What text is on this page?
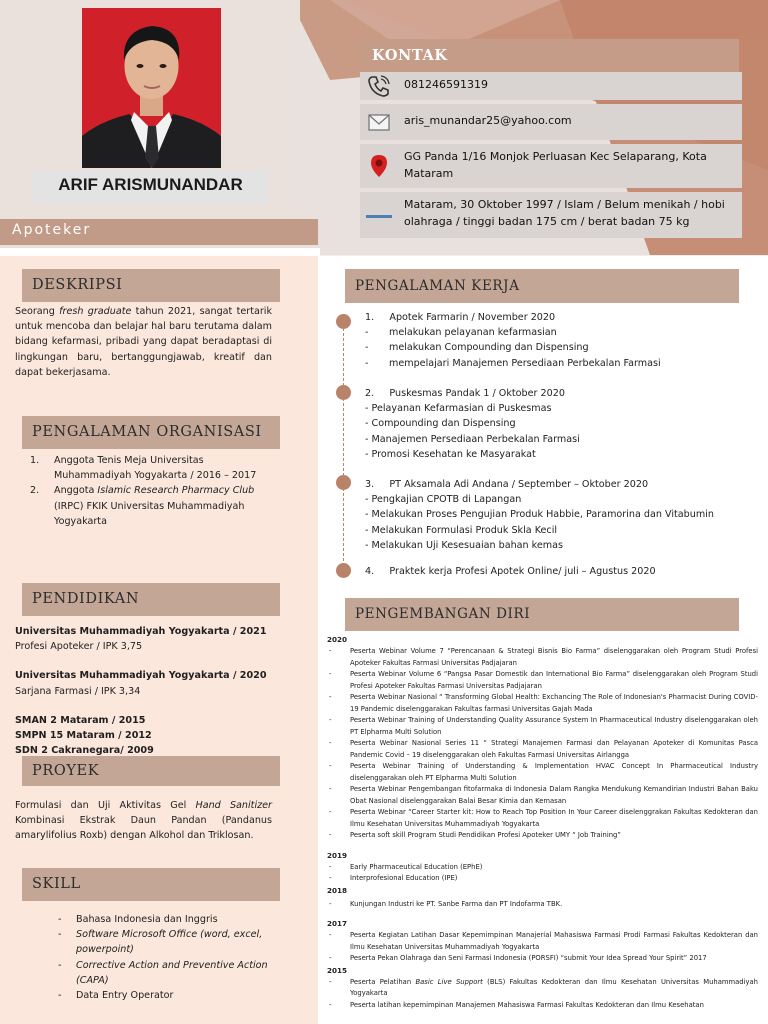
ARIF ARISMUNANDAR
Apoteker
KONTAK
081246591319
aris_munandar25@yahoo.com
GG Panda 1/16 Monjok Perluasan Kec Selaparang, Kota Mataram
Mataram, 30 Oktober 1997 / Islam / Belum menikah / hobi olahraga / tinggi badan 175 cm / berat badan 75 kg
DESKRIPSI
Seorang fresh graduate tahun 2021, sangat tertarik untuk mencoba dan belajar hal baru terutama dalam bidang kefarmasi, pribadi yang dapat beradaptasi di lingkungan baru, bertanggungjawab, kreatif dan dapat bekerjasama.
PENGALAMAN ORGANISASI
1. Anggota Tenis Meja Universitas Muhammadiyah Yogyakarta / 2016 – 2017
2. Anggota Islamic Research Pharmacy Club (IRPC) FKIK Universitas Muhammadiyah Yogyakarta
PENDIDIKAN
Universitas Muhammadiyah Yogyakarta / 2021
Profesi Apoteker / IPK 3,75
Universitas Muhammadiyah Yogyakarta / 2020
Sarjana Farmasi / IPK 3,34
SMAN 2 Mataram / 2015
SMPN 15 Mataram / 2012
SDN 2 Cakranegara/ 2009
PROYEK
Formulasi dan Uji Aktivitas Gel Hand Sanitizer Kombinasi Ekstrak Daun Pandan (Pandanus amarylifolius Roxb) dengan Alkohol dan Triklosan.
SKILL
- Bahasa Indonesia dan Inggris
- Software Microsoft Office (word, excel, powerpoint)
- Corrective Action and Preventive Action (CAPA)
- Data Entry Operator
PENGALAMAN KERJA
1.     Apotek Farmarin / November 2020
- melakukan pelayanan kefarmasian
- melakukan Compounding dan Dispensing
- mempelajari Manajemen Persediaan Perbekalan Farmasi
2.     Puskesmas Pandak 1 / Oktober 2020
- Pelayanan Kefarmasian di Puskesmas
- Compounding dan Dispensing
- Manajemen Persediaan Perbekalan Farmasi
- Promosi Kesehatan ke Masyarakat
3.     PT Aksamala Adi Andana / September – Oktober 2020
- Pengkajian CPOTB di Lapangan
- Melakukan Proses Pengujian Produk Habbie, Paramorina dan Vitabumin
- Melakukan Formulasi Produk Skla Kecil
- Melakukan Uji Kesesuaian bahan kemas
4.     Praktek kerja Profesi Apotek Online/ juli – Agustus 2020
PENGEMBANGAN DIRI
2020
- Peserta Webinar Volume 7 “Perencanaan & Strategi Bisnis Bio Farma” diselenggarakan oleh Program Studi Profesi Apoteker Fakultas Farmasi Universitas Padjajaran
- Peserta Webinar Volume 6 “Pangsa Pasar Domestik dan International Bio Farma” diselenggarakan oleh Program Studi Profesi Apoteker Fakultas Farmasi Universitas Padjajaran
- Peserta Webinar Nasional “ Transforming Global Health: Exchancing The Role of Indonesian's Pharmacist During COVID- 19 Pandemic diselenggarakan Fakultas farmasi Universitas Gajah Mada
- Peserta Webinar Training of Understanding Quality Assurance System In Pharmaceutical Industry diselenggarakan oleh PT Elpharma Multi Solution
- Peserta Webinar Nasional Series 11 “ Strategi Manajemen Farmasi dan Pelayanan Apoteker di Komunitas Pasca Pandemic Covid – 19 diselenggarakan oleh Fakultas Farmasi Universitas Airlangga
- Peserta Webinar Training of Understanding & Implementation HVAC Concept In Pharmaceutical Industry diselenggarakan oleh PT Elpharma Multi Solution
- Peserta Webinar Pengembangan fitofarmaka di Indonesia Dalam Rangka Mendukung Kemandirian Industri Bahan Baku Obat Nasional diselenggarakan Balai Besar Kimia dan Kemasan
- Peserta Webinar “Career Starter kit: How to Reach Top Position In Your Career diselenggrakan Fakultas Kedokteran dan Ilmu Kesehatan Universitas Muhammadiyah Yogyakarta
- Peserta soft skill Program Studi Pendidikan Profesi Apoteker UMY “ Job Training”
2019
- Early Pharmaceutical Education (EPhE)
- Interprofesional Education (IPE)
2018
- Kunjungan Industri ke PT. Sanbe Farma dan PT Indofarma TBK.
2017
- Peserta Kegiatan Latihan Dasar Kepemimpinan Manajerial Mahasiswa Farmasi Prodi Farmasi Fakultas Kedokteran dan Ilmu Kesehatan Universitas Muhammadiyah Yogyakarta
- Peserta Pekan Olahraga dan Seni Farmasi Indonesia (PORSFI) “submit Your Idea Spread Your Spirit” 2017
2015
- Peserta Pelatihan Basic Live Support (BLS) Fakultas Kedokteran dan Ilmu Kesehatan Universitas Muhammadiyah Yogyakarta
- Peserta latihan kepemimpinan Manajemen Mahasiswa Farmasi Fakultas Kedokteran dan Ilmu Kesehatan
